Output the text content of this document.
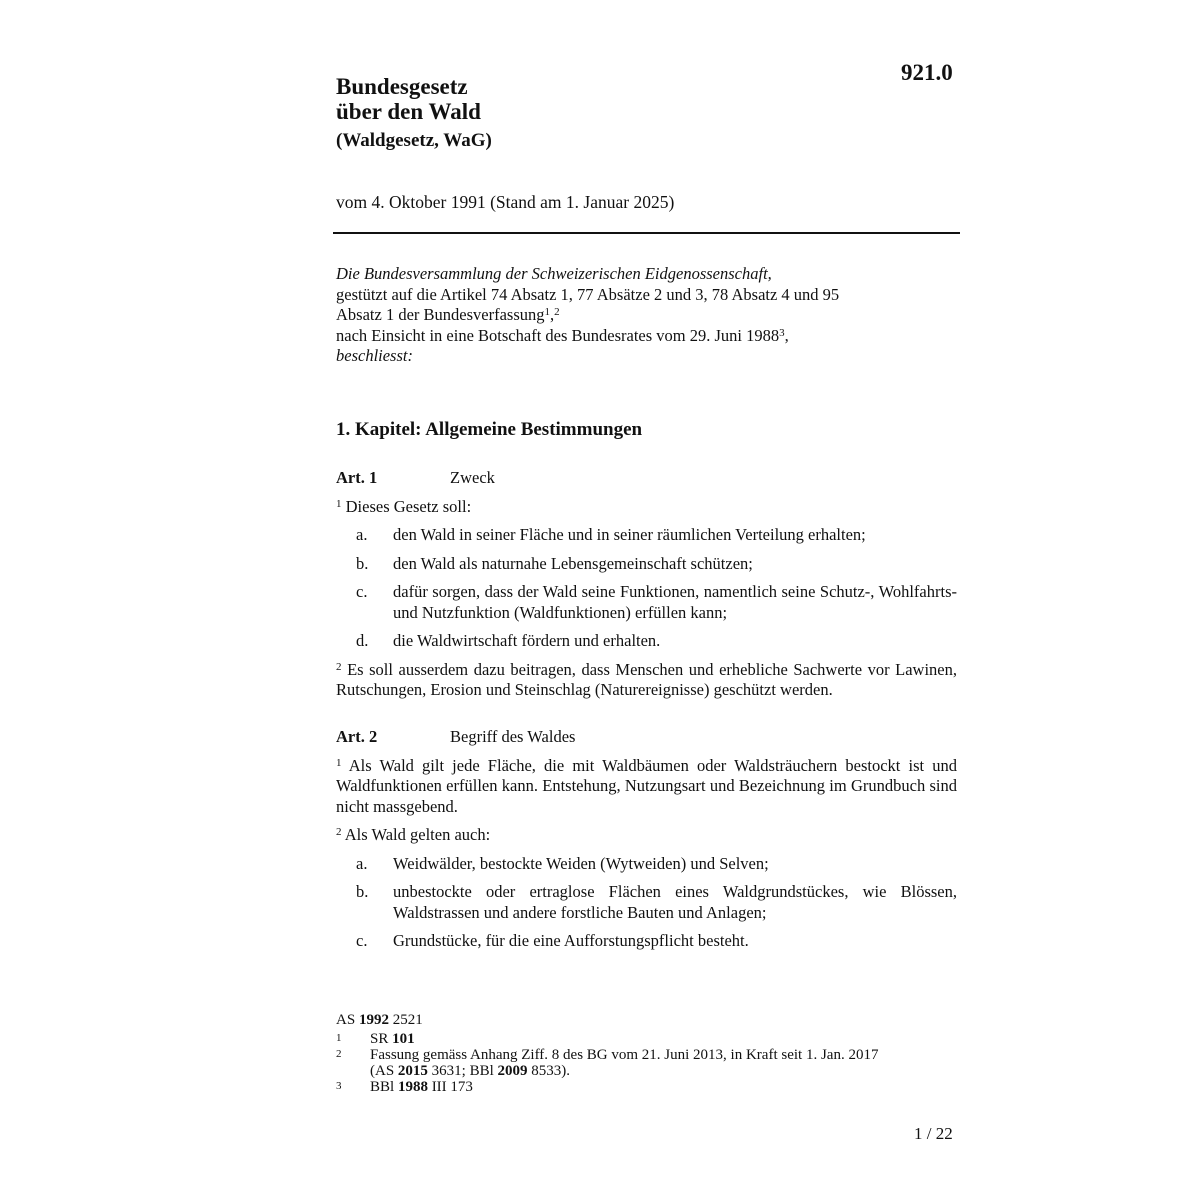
921.0
Bundesgesetz
über den Wald
(Waldgesetz, WaG)
vom 4. Oktober 1991 (Stand am 1. Januar 2025)

Die Bundesversammlung der Schweizerischen Eidgenossenschaft,

gestützt auf die Artikel 74 Absatz 1, 77 Absätze 2 und 3, 78 Absatz 4 und 95

Absatz 1 der Bundesverfassung$^1$,$^2$

nach Einsicht in eine Botschaft des Bundesrates vom 29. Juni 1988$^3$,

beschliesst:

1. Kapitel: Allgemeine Bestimmungen
Art. 1	Zweck

$^1$ Dieses Gesetz soll:

a.	den Wald in seiner Fläche und in seiner räumlichen Verteilung erhalten;
b.	den Wald als naturnahe Lebensgemeinschaft schützen;
c.	dafür sorgen, dass der Wald seine Funktionen, namentlich seine Schutz-, Wohlfahrts- und Nutzfunktion (Waldfunktionen) erfüllen kann;
d.	die Waldwirtschaft fördern und erhalten.

$^2$ Es soll ausserdem dazu beitragen, dass Menschen und erhebliche Sachwerte vor Lawinen, Rutschungen, Erosion und Steinschlag (Naturereignisse) geschützt werden.

Art. 2	Begriff des Waldes

$^1$ Als Wald gilt jede Fläche, die mit Waldbäumen oder Waldsträuchern bestockt ist und Waldfunktionen erfüllen kann. Entstehung, Nutzungsart und Bezeichnung im Grundbuch sind nicht massgebend.

$^2$ Als Wald gelten auch:

a.	Weidwälder, bestockte Weiden (Wytweiden) und Selven;
b.	unbestockte oder ertraglose Flächen eines Waldgrundstückes, wie Blössen, Waldstrassen und andere forstliche Bauten und Anlagen;
c.	Grundstücke, für die eine Aufforstungspflicht besteht.
AS 1992 2521
1	SR 101
2	Fassung gemäss Anhang Ziff. 8 des BG vom 21. Juni 2013, in Kraft seit 1. Jan. 2017
(AS 2015 3631; BBl 2009 8533).
3	BBl 1988 III 173
1 / 22
